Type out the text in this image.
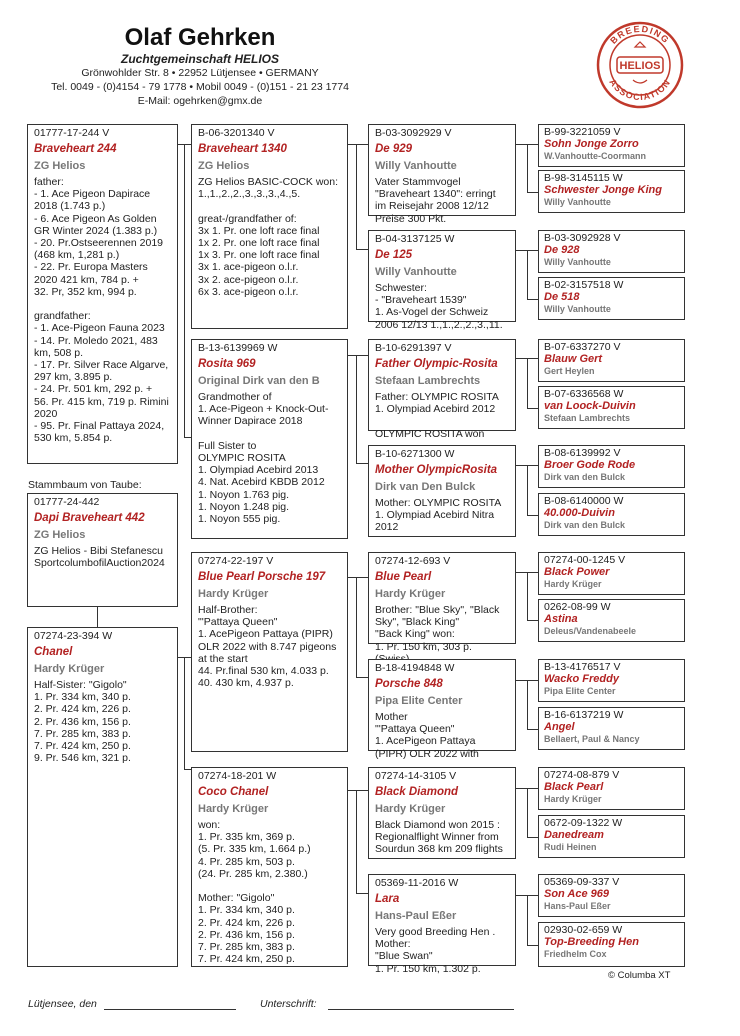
Olaf Gehrken
Zuchtgemeinschaft HELIOS
Grönwohlder Str. 8 • 22952 Lütjensee • GERMANY
Tel. 0049 - (0)4154 - 79 1778 • Mobil 0049 - (0)151 - 21 23 1774
E-Mail: ogehrken@gmx.de
BREEDING
ASSOCIATION
HELIOS
01777-17-244 V
Braveheart 244
ZG Helios
father:
- 1. Ace Pigeon Dapirace 2018 (1.743 p.)
- 6. Ace Pigeon As Golden GR Winter 2024 (1.383 p.)
- 20. Pr.Ostseerennen 2019 (468 km, 1,281 p.)
- 22. Pr. Europa Masters 2020 421 km, 784 p. +
32. Pr, 352 km, 994 p.

grandfather:
- 1. Ace-Pigeon Fauna 2023
- 14. Pr. Moledo 2021, 483 km, 508 p.
- 17. Pr. Silver Race Algarve, 297 km, 3.895 p.
- 24. Pr. 501 km, 292 p. +
56. Pr. 415 km, 719 p. Rimini 2020
- 95. Pr. Final Pattaya 2024, 530 km, 5.854 p.
Stammbaum von Taube:
01777-24-442
Dapi Braveheart 442
ZG Helios
ZG Helios - Bibi Stefanescu SportcolumbofilAuction2024
07274-23-394 W
Chanel
Hardy Krüger
Half-Sister: "Gigolo"
1. Pr. 334 km, 340 p.
2. Pr. 424 km, 226 p.
2. Pr. 436 km, 156 p.
7. Pr. 285 km, 383 p.
7. Pr. 424 km, 250 p.
9. Pr. 546 km, 321 p.
B-06-3201340 V
Braveheart 1340
ZG Helios
ZG Helios BASIC-COCK won: 1.,1.,2.,2.,3.,3.,3.,4.,5.

great-/grandfather of:
3x 1. Pr. one loft race final
1x 2. Pr. one loft race final
1x 3. Pr. one loft race final
3x 1. ace-pigeon o.l.r.
3x 2. ace-pigeon o.l.r.
6x 3. ace-pigeon o.l.r.
B-13-6139969 W
Rosita 969
Original Dirk van den B
Grandmother of
1. Ace-Pigeon + Knock-Out-Winner Dapirace 2018

Full Sister to
OLYMPIC ROSITA
1. Olympiad Acebird 2013
4. Nat. Acebird KBDB 2012
1. Noyon 1.763 pig.
1. Noyon 1.248 pig.
1. Noyon 555 pig.
07274-22-197 V
Blue Pearl Porsche 197
Hardy Krüger
Half-Brother:
"'Pattaya Queen"
1. AcePigeon Pattaya (PIPR) OLR 2022 with 8.747 pigeons at the start
44. Pr.final 530 km, 4.033 p.
40. 430 km, 4.937 p.
07274-18-201 W
Coco Chanel
Hardy Krüger
won:
1. Pr. 335 km, 369 p.
(5. Pr. 335 km, 1.664 p.)
4. Pr. 285 km, 503 p.
(24. Pr. 285 km, 2.380.)

Mother: "Gigolo"
1. Pr. 334 km, 340 p.
2. Pr. 424 km, 226 p.
2. Pr. 436 km, 156 p.
7. Pr. 285 km, 383 p.
7. Pr. 424 km, 250 p.
B-03-3092929 V
De 929
Willy Vanhoutte
Vater Stammvogel "Braveheart 1340": erringt im Reisejahr 2008 12/12 Preise 300 Pkt.
B-04-3137125 W
De 125
Willy Vanhoutte
Schwester:
- "Braveheart 1539"
1. As-Vogel der Schweiz 2006 12/13 1.,1.,2.,2.,3.,11.
B-10-6291397 V
Father Olympic-Rosita
Stefaan Lambrechts
Father: OLYMPIC ROSITA
1. Olympiad Acebird 2012

OLYMPIC ROSITA won
B-10-6271300 W
Mother OlympicRosita
Dirk van Den Bulck
Mother: OLYMPIC ROSITA
1. Olympiad Acebird Nitra 2012
07274-12-693 V
Blue Pearl
Hardy Krüger
Brother: "Blue Sky", "Black Sky", "Black King"
"Back King" won:
1. Pr. 150 km, 303 p.
B-18-4194848 W
Porsche 848
Pipa Elite Center
Mother
"'Pattaya Queen"
1. AcePigeon Pattaya (PIPR) OLR 2022 with
07274-14-3105 V
Black Diamond
Hardy Krüger
Black Diamond won 2015 : Regionalflight Winner from Sourdun 368 km 209 flights
05369-11-2016 W
Lara
Hans-Paul Eßer
Very good Breeding Hen .
Mother:
"Blue Swan"
1. Pr. 150 km, 1.302 p.
B-99-3221059 V
Sohn Jonge Zorro
W.Vanhoutte-Coormann
B-98-3145115 W
Schwester Jonge King
Willy Vanhoutte
B-03-3092928 V
De 928
Willy Vanhoutte
B-02-3157518 W
De 518
Willy Vanhoutte
B-07-6337270 V
Blauw Gert
Gert Heylen
B-07-6336568 W
van Loock-Duivin
Stefaan Lambrechts
B-08-6139992 V
Broer Gode Rode
Dirk van den Bulck
B-08-6140000 W
40.000-Duivin
Dirk van den Bulck
07274-00-1245 V
Black Power
Hardy Krüger
0262-08-99 W
Astina
Deleus/Vandenabeele
B-13-4176517 V
Wacko Freddy
Pipa Elite Center
B-16-6137219 W
Angel
Bellaert, Paul & Nancy
07274-08-879 V
Black Pearl
Hardy Krüger
0672-09-1322 W
Danedream
Rudi Heinen
05369-09-337 V
Son Ace 969
Hans-Paul Eßer
02930-02-659 W
Top-Breeding Hen
Friedhelm Cox
© Columba XT
Lütjensee, den	Unterschrift:
